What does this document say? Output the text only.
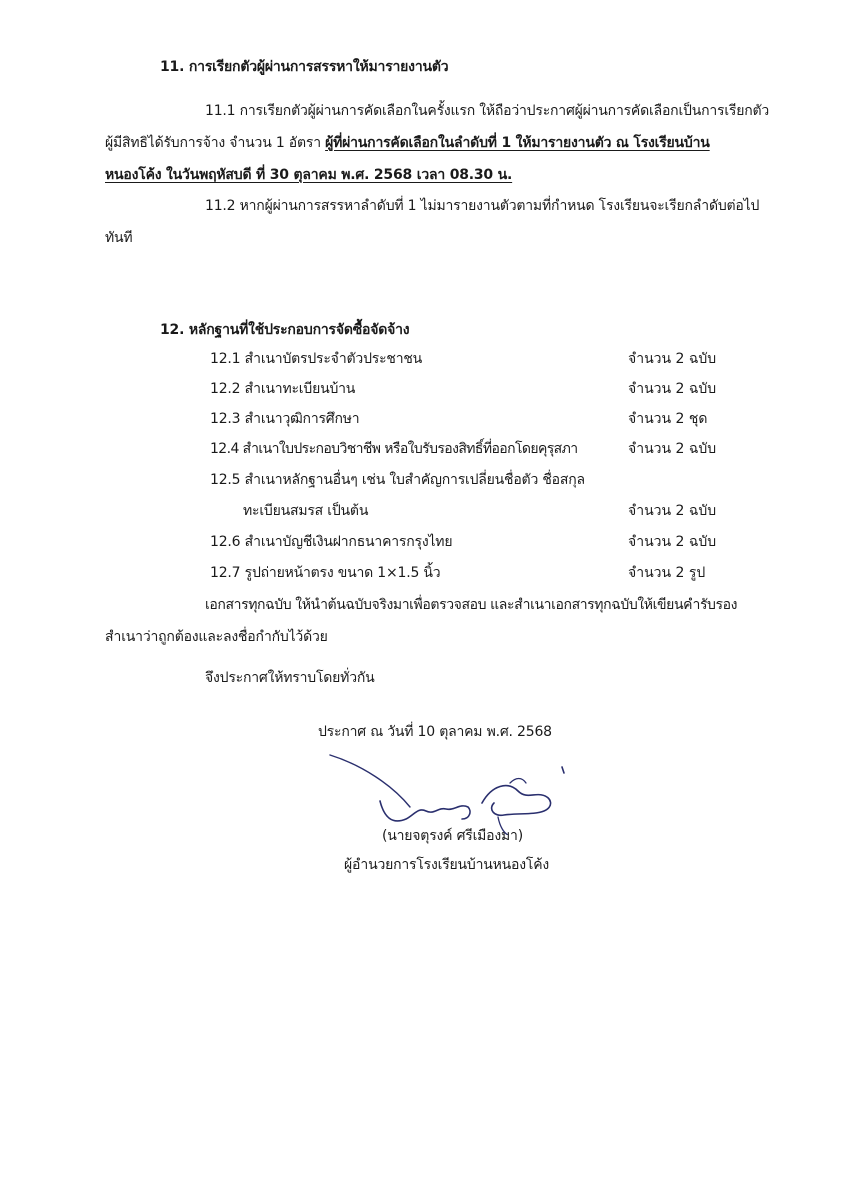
11. การเรียกตัวผู้ผ่านการสรรหาให้มารายงานตัว
11.1 การเรียกตัวผู้ผ่านการคัดเลือกในครั้งแรก ให้ถือว่าประกาศผู้ผ่านการคัดเลือกเป็นการเรียกตัว
ผู้มีสิทธิได้รับการจ้าง จำนวน 1 อัตรา ผู้ที่ผ่านการคัดเลือกในลำดับที่ 1 ให้มารายงานตัว ณ โรงเรียนบ้าน
หนองโค้ง ในวันพฤหัสบดี ที่ 30 ตุลาคม พ.ศ. 2568 เวลา 08.30 น.
11.2 หากผู้ผ่านการสรรหาลำดับที่ 1 ไม่มารายงานตัวตามที่กำหนด โรงเรียนจะเรียกลำดับต่อไป
ทันที
12. หลักฐานที่ใช้ประกอบการจัดซื้อจัดจ้าง
12.1 สำเนาบัตรประจำตัวประชาชน	จำนวน 2 ฉบับ
12.2 สำเนาทะเบียนบ้าน	จำนวน 2 ฉบับ
12.3 สำเนาวุฒิการศึกษา	จำนวน 2 ชุด
12.4 สำเนาใบประกอบวิชาชีพ หรือใบรับรองสิทธิ์ที่ออกโดยคุรุสภา	จำนวน 2 ฉบับ
12.5 สำเนาหลักฐานอื่นๆ เช่น ใบสำคัญการเปลี่ยนชื่อตัว ชื่อสกุล
ทะเบียนสมรส เป็นต้น	จำนวน 2 ฉบับ
12.6 สำเนาบัญชีเงินฝากธนาคารกรุงไทย	จำนวน 2 ฉบับ
12.7 รูปถ่ายหน้าตรง ขนาด 1×1.5 นิ้ว	จำนวน 2 รูป
เอกสารทุกฉบับ ให้นำต้นฉบับจริงมาเพื่อตรวจสอบ และสำเนาเอกสารทุกฉบับให้เขียนคำรับรอง
สำเนาว่าถูกต้องและลงชื่อกำกับไว้ด้วย
จึงประกาศให้ทราบโดยทั่วกัน
ประกาศ ณ วันที่ 10 ตุลาคม พ.ศ. 2568
(นายจตุรงค์ ศรีเมืองมา)
ผู้อำนวยการโรงเรียนบ้านหนองโค้ง
